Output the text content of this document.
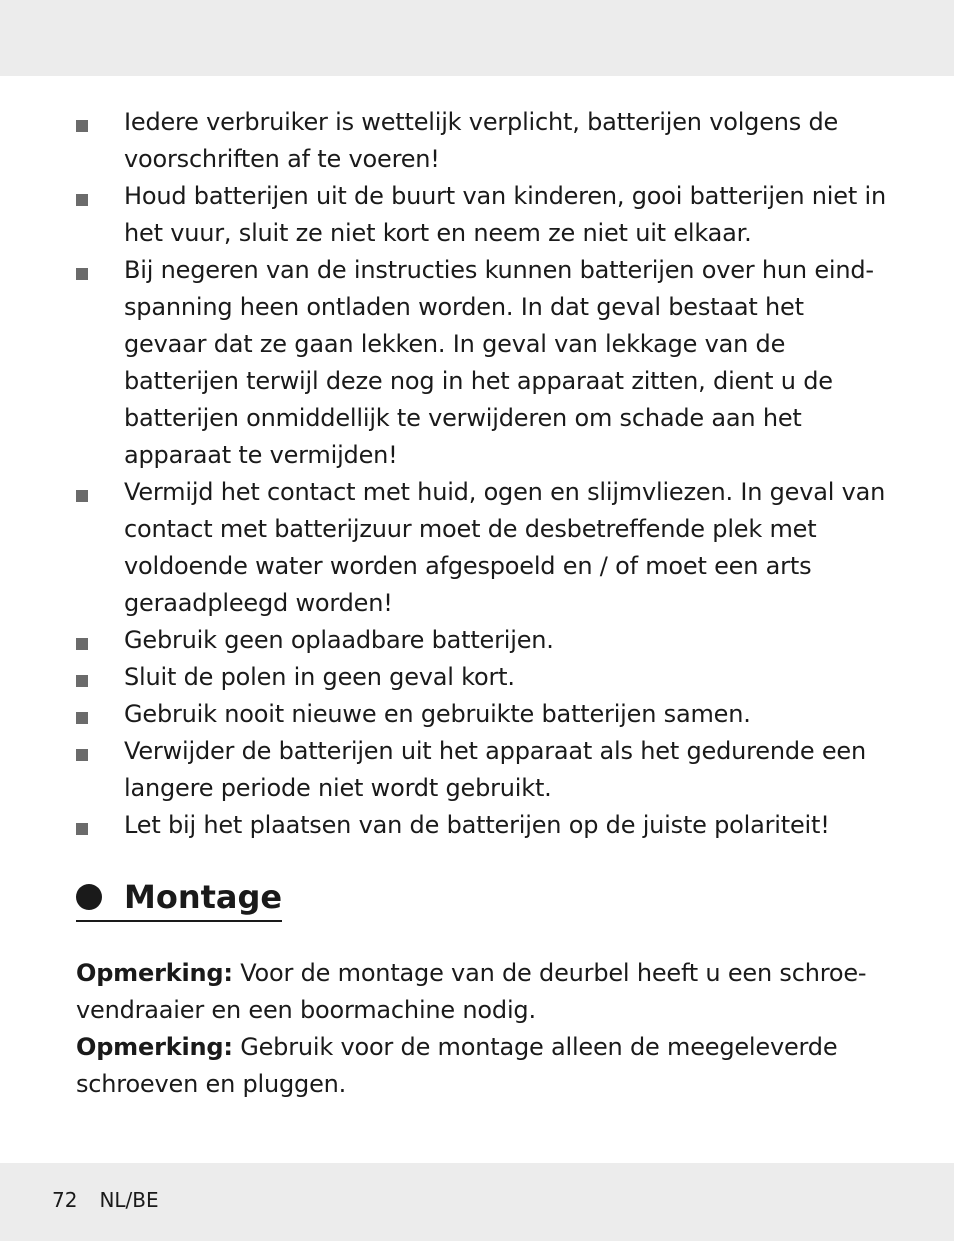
Iedere verbruiker is wettelijk verplicht, batterijen volgens de voorschriften af te voeren!
Houd batterijen uit de buurt van kinderen, gooi batterijen niet in het vuur, sluit ze niet kort en neem ze niet uit elkaar.
Bij negeren van de instructies kunnen batterijen over hun eind-spanning heen ontladen worden. In dat geval bestaat het gevaar dat ze gaan lekken. In geval van lekkage van de batterijen terwijl deze nog in het apparaat zitten, dient u de batterijen onmiddellijk te verwijderen om schade aan het apparaat te vermijden!
Vermijd het contact met huid, ogen en slijmvliezen. In geval van contact met batterijzuur moet de desbetreffende plek met voldoende water worden afgespoeld en / of moet een arts geraadpleegd worden!
Gebruik geen oplaadbare batterijen.
Sluit de polen in geen geval kort.
Gebruik nooit nieuwe en gebruikte batterijen samen.
Verwijder de batterijen uit het apparaat als het gedurende een langere periode niet wordt gebruikt.
Let bij het plaatsen van de batterijen op de juiste polariteit!
Montage
Opmerking: Voor de montage van de deurbel heeft u een schroe-vendraaier en een boormachine nodig.
Opmerking: Gebruik voor de montage alleen de meegeleverde schroeven en pluggen.
72 NL/BE
